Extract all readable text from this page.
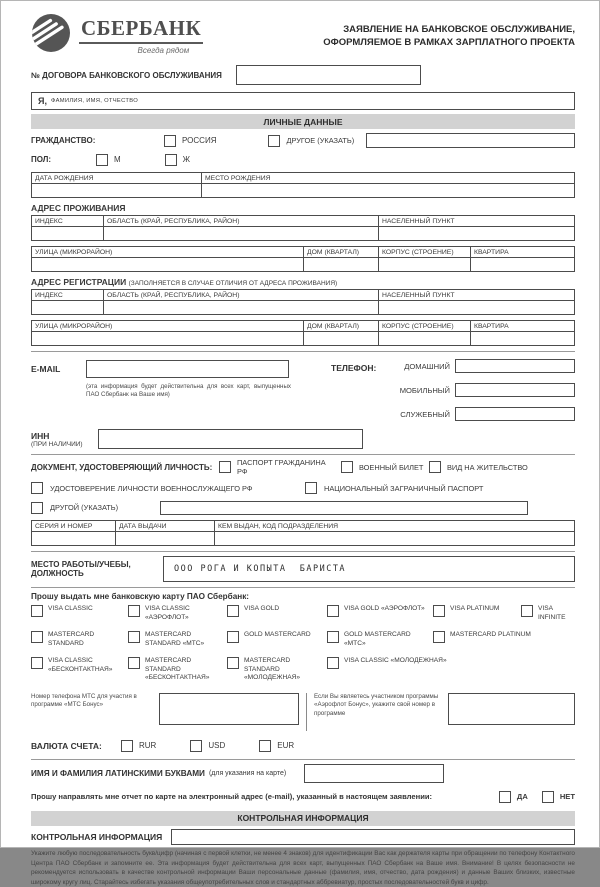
СБЕРБАНК
Всегда рядом
ЗАЯВЛЕНИЕ НА БАНКОВСКОЕ ОБСЛУЖИВАНИЕ,
ОФОРМЛЯЕМОЕ В РАМКАХ ЗАРПЛАТНОГО ПРОЕКТА
№ ДОГОВОРА БАНКОВСКОГО ОБСЛУЖИВАНИЯ
Я, ФАМИЛИЯ, ИМЯ, ОТЧЕСТВО
ЛИЧНЫЕ ДАННЫЕ
ГРАЖДАНСТВО:	РОССИЯ	ДРУГОЕ (УКАЗАТЬ)
ПОЛ:	М	Ж
ДАТА РОЖДЕНИЯ	МЕСТО РОЖДЕНИЯ
АДРЕС ПРОЖИВАНИЯ
ИНДЕКС	ОБЛАСТЬ (КРАЙ, РЕСПУБЛИКА, РАЙОН)	НАСЕЛЕННЫЙ ПУНКТ
УЛИЦА (МИКРОРАЙОН)	ДОМ (КВАРТАЛ)	КОРПУС (СТРОЕНИЕ)	КВАРТИРА
АДРЕС РЕГИСТРАЦИИ (ЗАПОЛНЯЕТСЯ В СЛУЧАЕ ОТЛИЧИЯ ОТ АДРЕСА ПРОЖИВАНИЯ)
ИНДЕКС	ОБЛАСТЬ (КРАЙ, РЕСПУБЛИКА, РАЙОН)	НАСЕЛЕННЫЙ ПУНКТ
УЛИЦА (МИКРОРАЙОН)	ДОМ (КВАРТАЛ)	КОРПУС (СТРОЕНИЕ)	КВАРТИРА
E-MAIL
(эта информация будет действительна для всех карт, выпущенных ПАО Сбербанк на Ваше имя)
ТЕЛЕФОН:	ДОМАШНИЙ
МОБИЛЬНЫЙ
СЛУЖЕБНЫЙ
ИНН
(ПРИ НАЛИЧИИ)
ДОКУМЕНТ, УДОСТОВЕРЯЮЩИЙ ЛИЧНОСТЬ:	ПАСПОРТ ГРАЖДАНИНА РФ	ВОЕННЫЙ БИЛЕТ	ВИД НА ЖИТЕЛЬСТВО
УДОСТОВЕРЕНИЕ ЛИЧНОСТИ ВОЕННОСЛУЖАЩЕГО РФ	НАЦИОНАЛЬНЫЙ ЗАГРАНИЧНЫЙ ПАСПОРТ
ДРУГОЙ (УКАЗАТЬ)
СЕРИЯ И НОМЕР	ДАТА ВЫДАЧИ	КЕМ ВЫДАН, КОД ПОДРАЗДЕЛЕНИЯ
МЕСТО РАБОТЫ/УЧЕБЫ,
ДОЛЖНОСТЬ	ООО РОГА И КОПЫТА  БАРИСТА
Прошу выдать мне банковскую карту ПАО Сбербанк:
VISA CLASSIC	VISA CLASSIC «АЭРОФЛОТ»
VISA GOLD	VISA GOLD «АЭРОФЛОТ»	VISA PLATINUM	VISA INFINITE
MASTERCARD STANDARD
MASTERCARD STANDARD «МТС»
GOLD MASTERCARD	GOLD MASTERCARD «МТС»
MASTERCARD PLATINUM
VISA CLASSIC «БЕСКОНТАКТНАЯ»
MASTERCARD STANDARD «БЕСКОНТАКТНАЯ»
MASTERCARD STANDARD «МОЛОДЕЖНАЯ»
VISA CLASSIC «МОЛОДЕЖНАЯ»
Номер телефона МТС для участия в программе «МТС Бонус»
Если Вы являетесь участником программы «Аэрофлот Бонус», укажите свой номер в программе
ВАЛЮТА СЧЕТА:	RUR	USD	EUR
ИМЯ И ФАМИЛИЯ ЛАТИНСКИМИ БУКВАМИ (для указания на карте)
Прошу направлять мне отчет по карте на электронный адрес (e-mail), указанный в настоящем заявлении:	ДА	НЕТ
КОНТРОЛЬНАЯ ИНФОРМАЦИЯ
КОНТРОЛЬНАЯ ИНФОРМАЦИЯ
Укажите любую последовательность букв/цифр (начиная с первой клетки, не менее 4 знаков) для идентификации Вас как держателя карты при обращении по телефону Контактного Центра ПАО Сбербанк и запомните ее. Эта информация будет действительна для всех карт, выпущенных ПАО Сбербанк на Ваше имя. Внимание! В целях безопасности не рекомендуется использовать в качестве контрольной информации Ваши персональные данные (фамилия, имя, отчество, дата рождения) и данные Ваших близких, известные широкому кругу лиц. Старайтесь избегать указания общеупотребительных слов и стандартных аббревиатур, простых последовательностей букв и цифр.
